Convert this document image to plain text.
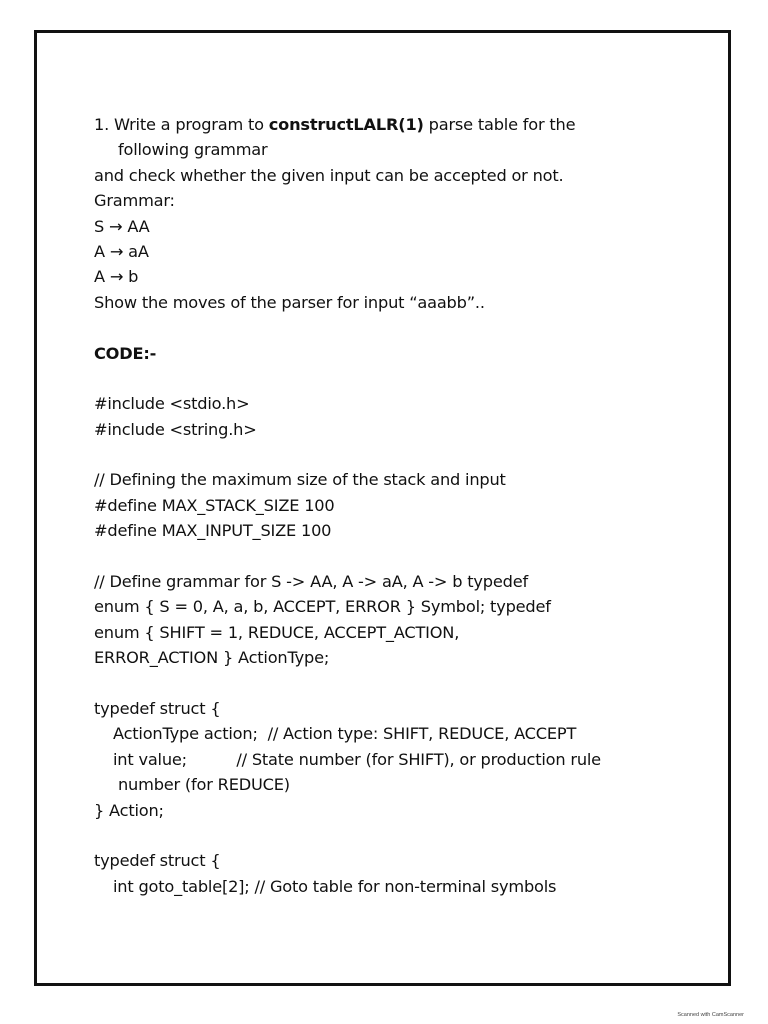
1. Write a program to constructLALR(1) parse table for the
following grammar
and check whether the given input can be accepted or not.
Grammar:
S → AA
A → aA
A → b
Show the moves of the parser for input “aaabb”..
CODE:-
#include <stdio.h>
#include <string.h>
// Defining the maximum size of the stack and input
#define MAX_STACK_SIZE 100
#define MAX_INPUT_SIZE 100
// Define grammar for S -> AA, A -> aA, A -> b typedef
enum { S = 0, A, a, b, ACCEPT, ERROR } Symbol; typedef
enum { SHIFT = 1, REDUCE, ACCEPT_ACTION,
ERROR_ACTION } ActionType;
typedef struct {
ActionType action;  // Action type: SHIFT, REDUCE, ACCEPT
int value;          // State number (for SHIFT), or production rule
number (for REDUCE)
} Action;
typedef struct {
int goto_table[2]; // Goto table for non-terminal symbols
Scanned with CamScanner
